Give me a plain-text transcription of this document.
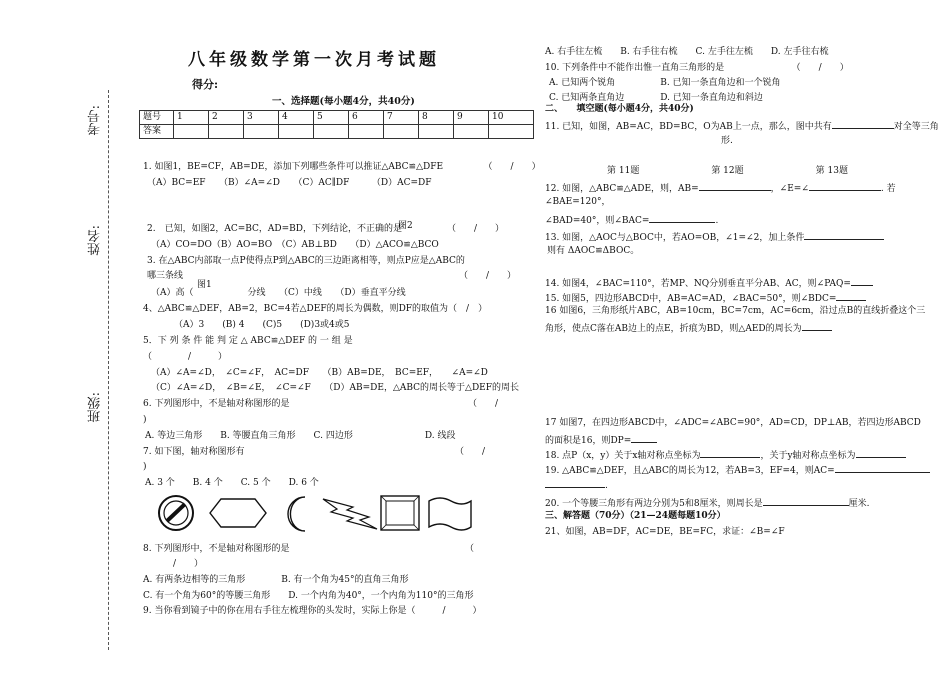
考号:
姓名:
班级:
八年级数学第一次月考试题
得分:
一、选择题(每小题4分，共40分)
题号	1	2	3	4	5	6	7	8	9	10
答案										
1. 如图1，BE=CF，AB=DE，添加下列哪些条件可以推证△ABC≌△DFE　　　　　（　　/　　）
（A）BC=EF　　（B）∠A=∠D　　（C）AC∥DF　　　（D）AC=DF
2.　已知，如图2，AC=BC，AD=BD，下列结论，不正确的是
图2	（　　/　　）
（A）CO=DO（B）AO=BO　（C）AB⊥BD　　（D）△ACO≌△BCO
3. 在△ABC内部取一点P使得点P到△ABC的三边距离相等，则点P应是△ABC的
哪三条线	（　　/　　）
图1
（A）高（　　　　　　分线　　（C）中线　　（D）垂直平分线
4、△ABC≌△DEF，AB=2，BC=4若△DEF的周长为偶数，则DF的取值为（　/　）
（A）3　　(B) 4　　(C)5　　(D)3或4或5
5．下 列 条 件 能 判 定 △ ABC≌△DEF 的 一 组 是
（　　　　/　　　）
（A）∠A=∠D，　∠C=∠F，　AC=DF　　（B）AB=DE，　BC=EF，　　∠A=∠D
（C）∠A=∠D，　∠B=∠E，　∠C=∠F　　（D）AB=DE，△ABC的周长等于△DEF的周长
6. 下列图形中，不是轴对称图形的是	（　　/
)
A. 等边三角形　　B. 等腰直角三角形　　C. 四边形　　　　　　　　D. 线段
7. 如下图，轴对称图形有	（　　/
)
A. 3 个　　B. 4 个　　C. 5 个　　D. 6 个
8. 下列图形中，不是轴对称图形的是	（
/　　）
A. 有两条边相等的三角形　　　　B. 有一个角为45°的直角三角形
C. 有一个角为60°的等腰三角形　　D. 一个内角为40°，一个内角为110°的三角形
9. 当你看到镜子中的你在用右手往左梳理你的头发时，实际上你是（　　　/　　　）
A. 右手往左梳　　B. 右手往右梳　　C. 左手往左梳　　D. 左手往右梳
10. 下列条件中不能作出惟一直角三角形的是　　　　　　　　（　　/　　）
A. 已知两个锐角　　　　　B. 已知一条直角边和一个锐角
C. 已知两条直角边　　　　D. 已知一条直角边和斜边
二、　　填空题(每小题4分，共40分)
11. 已知，如图，AB=AC，BD=BC，O为AB上一点，那么，图中共有	对全等三角
形.
第 11题　　　　　　　　第 12题　　　　　　　　第 13题
12. 如图，△ABC≌△ADE，则，AB=	，∠E=∠	. 若
∠BAE=120°，
∠BAD=40°，则∠BAC=	.
13. 如图，△AOC与△BOC中，若AO=OB，∠1=∠2，加上条件
则有 ΔAOC≌ΔBOC。
14. 如图4，∠BAC=110°，若MP、NQ分别垂直平分AB、AC，则∠PAQ=
15. 如图5，四边形ABCD中，AB=AC=AD，∠BAC=50°，则∠BDC=
16 如图6，三角形纸片ABC，AB=10cm，BC=7cm，AC=6cm，沿过点B的直线折叠这个三
角形，使点C落在AB边上的点E，折痕为BD，则△AED的周长为
17 如图7，在四边形ABCD中，∠ADC=∠ABC=90°，AD=CD，DP⊥AB，若四边形ABCD
的面积是16，则DP=
18. 点P（x，y）关于x轴对称点坐标为	，关于y轴对称点坐标为
19. △ABC≌△DEF，且△ABC的周长为12，若AB=3，EF=4，则AC=
.
20. 一个等腰三角形有两边分别为5和8厘米，则周长是	厘米.
三、解答题（70分）（21—24题每题10分）
21、如图，AB=DF，AC=DE，BE=FC，求证：∠B=∠F
